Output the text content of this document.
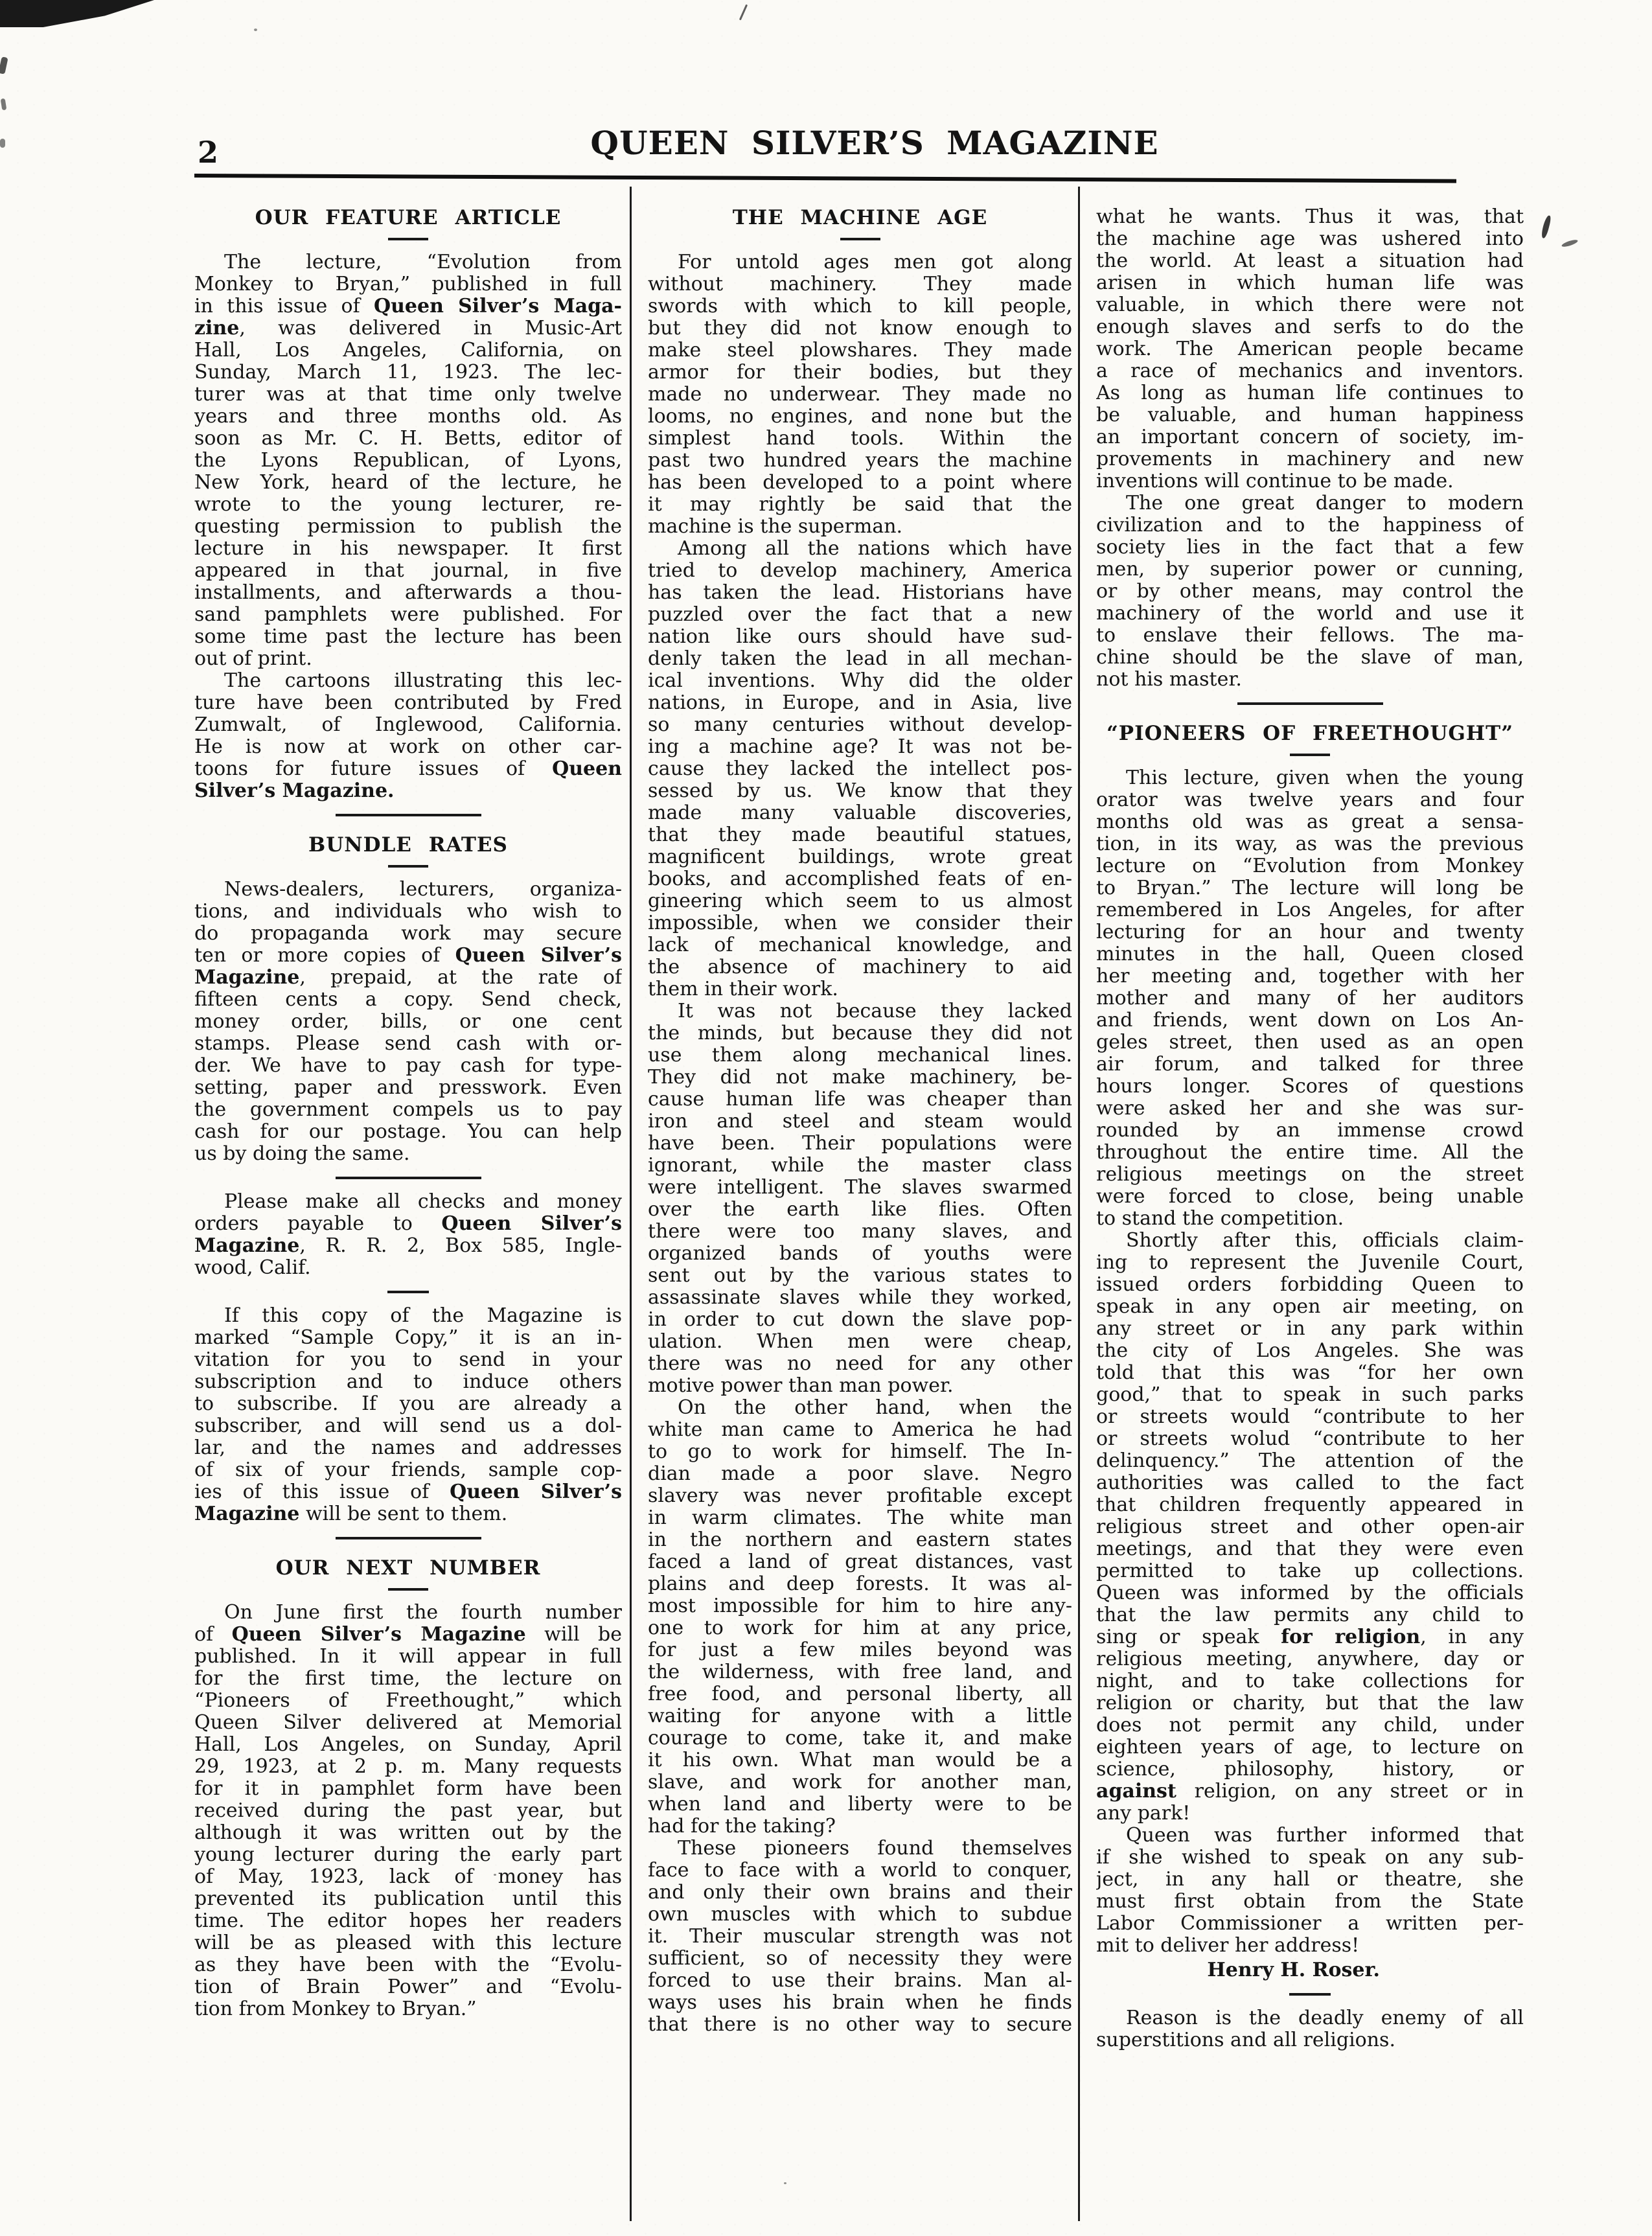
2	QUEEN SILVER’S MAGAZINE
OUR FEATURE ARTICLE

The lecture, “Evolution from
Monkey to Bryan,” published in full
in this issue of Queen Silver’s Maga-
zine, was delivered in Music-Art
Hall, Los Angeles, California, on
Sunday, March 11, 1923. The lec-
turer was at that time only twelve
years and three months old. As
soon as Mr. C. H. Betts, editor of
the Lyons Republican, of Lyons,
New York, heard of the lecture, he
wrote to the young lecturer, re-
questing permission to publish the
lecture in his newspaper. It first
appeared in that journal, in five
installments, and afterwards a thou-
sand pamphlets were published. For
some time past the lecture has been
out of print.

The cartoons illustrating this lec-
ture have been contributed by Fred
Zumwalt, of Inglewood, California.
He is now at work on other car-
toons for future issues of Queen
Silver’s Magazine.

BUNDLE RATES

News-dealers, lecturers, organiza-
tions, and individuals who wish to
do propaganda work may secure
ten or more copies of Queen Silver’s
Magazine, prepaid, at the rate of
fifteen cents a copy. Send check,
money order, bills, or one cent
stamps. Please send cash with or-
der. We have to pay cash for type-
setting, paper and presswork. Even
the government compels us to pay
cash for our postage. You can help
us by doing the same.

Please make all checks and money
orders payable to Queen Silver’s
Magazine, R. R. 2, Box 585, Ingle-
wood, Calif.

If this copy of the Magazine is
marked “Sample Copy,” it is an in-
vitation for you to send in your
subscription and to induce others
to subscribe. If you are already a
subscriber, and will send us a dol-
lar, and the names and addresses
of six of your friends, sample cop-
ies of this issue of Queen Silver’s
Magazine will be sent to them.

OUR NEXT NUMBER

On June first the fourth number
of Queen Silver’s Magazine will be
published. In it will appear in full
for the first time, the lecture on
“Pioneers of Freethought,” which
Queen Silver delivered at Memorial
Hall, Los Angeles, on Sunday, April
29, 1923, at 2 p. m. Many requests
for it in pamphlet form have been
received during the past year, but
although it was written out by the
young lecturer during the early part
of May, 1923, lack of money has
prevented its publication until this
time. The editor hopes her readers
will be as pleased with this lecture
as they have been with the “Evolu-
tion of Brain Power” and “Evolu-
tion from Monkey to Bryan.”

THE MACHINE AGE

For untold ages men got along
without machinery. They made
swords with which to kill people,
but they did not know enough to
make steel plowshares. They made
armor for their bodies, but they
made no underwear. They made no
looms, no engines, and none but the
simplest hand tools. Within the
past two hundred years the machine
has been developed to a point where
it may rightly be said that the
machine is the superman.

Among all the nations which have
tried to develop machinery, America
has taken the lead. Historians have
puzzled over the fact that a new
nation like ours should have sud-
denly taken the lead in all mechan-
ical inventions. Why did the older
nations, in Europe, and in Asia, live
so many centuries without develop-
ing a machine age? It was not be-
cause they lacked the intellect pos-
sessed by us. We know that they
made many valuable discoveries,
that they made beautiful statues,
magnificent buildings, wrote great
books, and accomplished feats of en-
gineering which seem to us almost
impossible, when we consider their
lack of mechanical knowledge, and
the absence of machinery to aid
them in their work.

It was not because they lacked
the minds, but because they did not
use them along mechanical lines.
They did not make machinery, be-
cause human life was cheaper than
iron and steel and steam would
have been. Their populations were
ignorant, while the master class
were intelligent. The slaves swarmed
over the earth like flies. Often
there were too many slaves, and
organized bands of youths were
sent out by the various states to
assassinate slaves while they worked,
in order to cut down the slave pop-
ulation. When men were cheap,
there was no need for any other
motive power than man power.

On the other hand, when the
white man came to America he had
to go to work for himself. The In-
dian made a poor slave. Negro
slavery was never profitable except
in warm climates. The white man
in the northern and eastern states
faced a land of great distances, vast
plains and deep forests. It was al-
most impossible for him to hire any-
one to work for him at any price,
for just a few miles beyond was
the wilderness, with free land, and
free food, and personal liberty, all
waiting for anyone with a little
courage to come, take it, and make
it his own. What man would be a
slave, and work for another man,
when land and liberty were to be
had for the taking?

These pioneers found themselves
face to face with a world to conquer,
and only their own brains and their
own muscles with which to subdue
it. Their muscular strength was not
sufficient, so of necessity they were
forced to use their brains. Man al-
ways uses his brain when he finds
that there is no other way to secure

what he wants. Thus it was, that
the machine age was ushered into
the world. At least a situation had
arisen in which human life was
valuable, in which there were not
enough slaves and serfs to do the
work. The American people became
a race of mechanics and inventors.
As long as human life continues to
be valuable, and human happiness
an important concern of society, im-
provements in machinery and new
inventions will continue to be made.

The one great danger to modern
civilization and to the happiness of
society lies in the fact that a few
men, by superior power or cunning,
or by other means, may control the
machinery of the world and use it
to enslave their fellows. The ma-
chine should be the slave of man,
not his master.

“PIONEERS OF FREETHOUGHT”

This lecture, given when the young
orator was twelve years and four
months old was as great a sensa-
tion, in its way, as was the previous
lecture on “Evolution from Monkey
to Bryan.” The lecture will long be
remembered in Los Angeles, for after
lecturing for an hour and twenty
minutes in the hall, Queen closed
her meeting and, together with her
mother and many of her auditors
and friends, went down on Los An-
geles street, then used as an open
air forum, and talked for three
hours longer. Scores of questions
were asked her and she was sur-
rounded by an immense crowd
throughout the entire time. All the
religious meetings on the street
were forced to close, being unable
to stand the competition.

Shortly after this, officials claim-
ing to represent the Juvenile Court,
issued orders forbidding Queen to
speak in any open air meeting, on
any street or in any park within
the city of Los Angeles. She was
told that this was “for her own
good,” that to speak in such parks
or streets would “contribute to her
or streets wolud “contribute to her
delinquency.” The attention of the
authorities was called to the fact
that children frequently appeared in
religious street and other open-air
meetings, and that they were even
permitted to take up collections.
Queen was informed by the officials
that the law permits any child to
sing or speak for religion, in any
religious meeting, anywhere, day or
night, and to take collections for
religion or charity, but that the law
does not permit any child, under
eighteen years of age, to lecture on
science, philosophy, history, or
against religion, on any street or in
any park!

Queen was further informed that
if she wished to speak on any sub-
ject, in any hall or theatre, she
must first obtain from the State
Labor Commissioner a written per-
mit to deliver her address!

Henry H. Roser.

Reason is the deadly enemy of all
superstitions and all religions.
